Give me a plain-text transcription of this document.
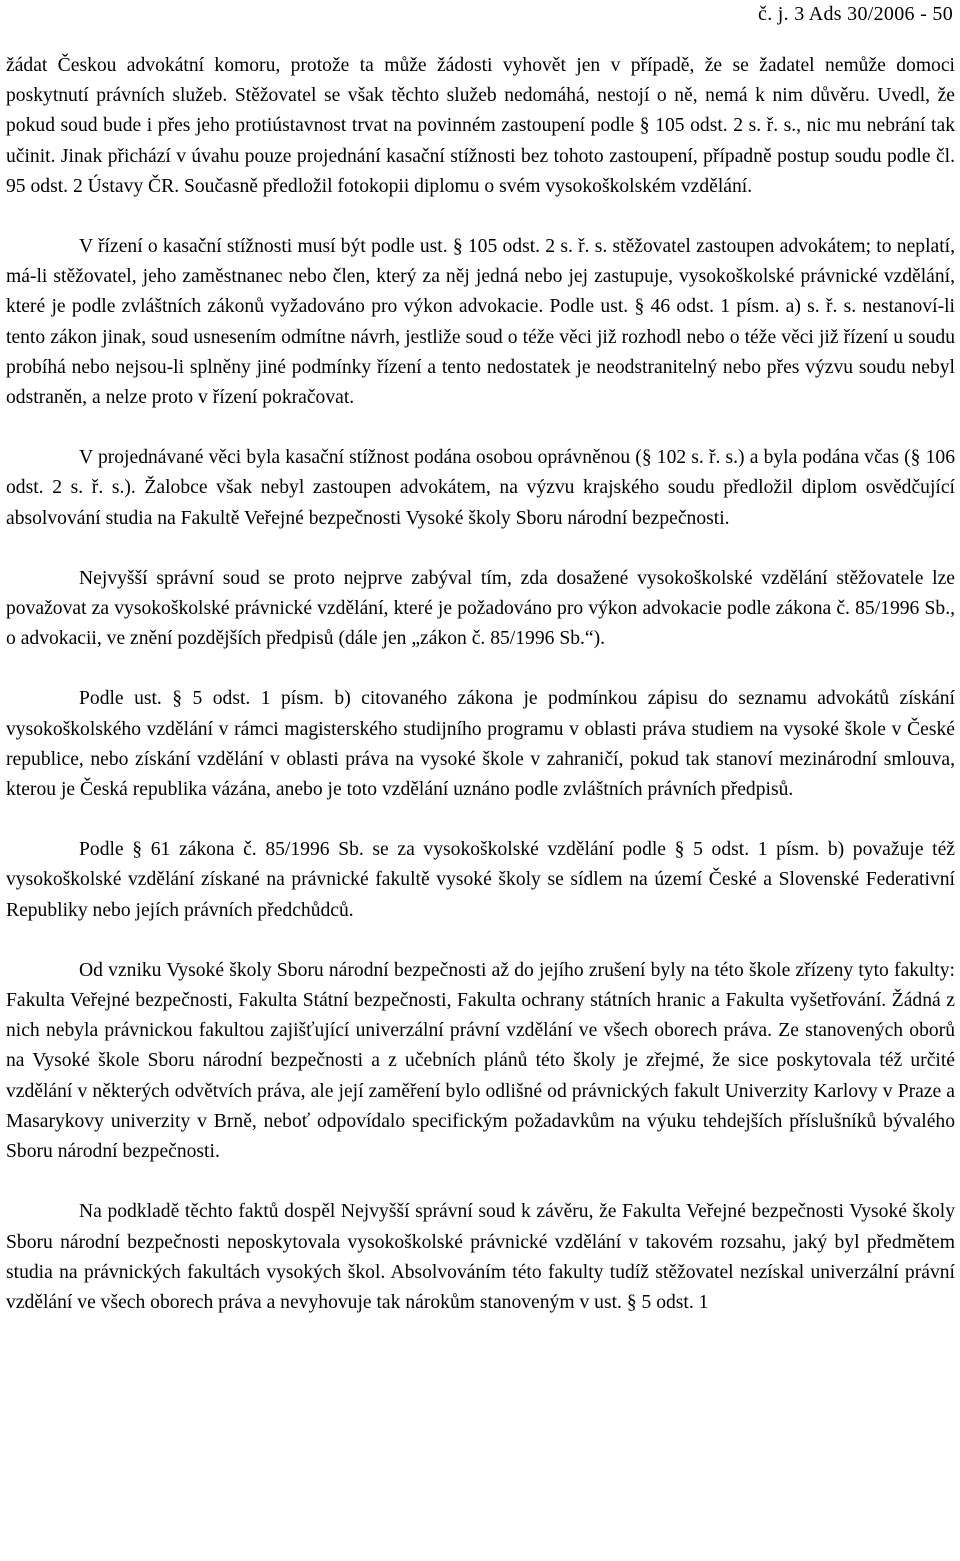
č. j. 3 Ads 30/2006 - 50

žádat Českou advokátní komoru, protože ta může žádosti vyhovět jen v případě, že se žadatel nemůže domoci poskytnutí právních služeb. Stěžovatel se však těchto služeb nedomáhá, nestojí o ně, nemá k nim důvěru. Uvedl, že pokud soud bude i přes jeho protiústavnost trvat na povinném zastoupení podle § 105 odst. 2 s. ř. s., nic mu nebrání tak učinit. Jinak přichází v úvahu pouze projednání kasační stížnosti bez tohoto zastoupení, případně postup soudu podle čl. 95 odst. 2 Ústavy ČR. Současně předložil fotokopii diplomu o svém vysokoškolském vzdělání.

V řízení o kasační stížnosti musí být podle ust. § 105 odst. 2 s. ř. s. stěžovatel zastoupen advokátem; to neplatí, má-li stěžovatel, jeho zaměstnanec nebo člen, který za něj jedná nebo jej zastupuje, vysokoškolské právnické vzdělání, které je podle zvláštních zákonů vyžadováno pro výkon advokacie. Podle ust. § 46 odst. 1 písm. a) s. ř. s. nestanoví-li tento zákon jinak, soud usnesením odmítne návrh, jestliže soud o téže věci již rozhodl nebo o téže věci již řízení u soudu probíhá nebo nejsou-li splněny jiné podmínky řízení a tento nedostatek je neodstranitelný nebo přes výzvu soudu nebyl odstraněn, a nelze proto v řízení pokračovat.

V projednávané věci byla kasační stížnost podána osobou oprávněnou (§ 102 s. ř. s.) a byla podána včas (§ 106 odst. 2 s. ř. s.). Žalobce však nebyl zastoupen advokátem, na výzvu krajského soudu předložil diplom osvědčující absolvování studia na Fakultě Veřejné bezpečnosti Vysoké školy Sboru národní bezpečnosti.

Nejvyšší správní soud se proto nejprve zabýval tím, zda dosažené vysokoškolské vzdělání stěžovatele lze považovat za vysokoškolské právnické vzdělání, které je požadováno pro výkon advokacie podle zákona č. 85/1996 Sb., o advokacii, ve znění pozdějších předpisů (dále jen „zákon č. 85/1996 Sb.“).

Podle ust. § 5 odst. 1 písm. b) citovaného zákona je podmínkou zápisu do seznamu advokátů získání vysokoškolského vzdělání v rámci magisterského studijního programu v oblasti práva studiem na vysoké škole v České republice, nebo získání vzdělání v oblasti práva na vysoké škole v zahraničí, pokud tak stanoví mezinárodní smlouva, kterou je Česká republika vázána, anebo je toto vzdělání uznáno podle zvláštních právních předpisů.

Podle § 61 zákona č. 85/1996 Sb. se za vysokoškolské vzdělání podle § 5 odst. 1 písm. b) považuje též vysokoškolské vzdělání získané na právnické fakultě vysoké školy se sídlem na území České a Slovenské Federativní Republiky nebo jejích právních předchůdců.

Od vzniku Vysoké školy Sboru národní bezpečnosti až do jejího zrušení byly na této škole zřízeny tyto fakulty: Fakulta Veřejné bezpečnosti, Fakulta Státní bezpečnosti, Fakulta ochrany státních hranic a Fakulta vyšetřování. Žádná z nich nebyla právnickou fakultou zajišťující univerzální právní vzdělání ve všech oborech práva. Ze stanovených oborů na Vysoké škole Sboru národní bezpečnosti a z učebních plánů této školy je zřejmé, že sice poskytovala též určité vzdělání v některých odvětvích práva, ale její zaměření bylo odlišné od právnických fakult Univerzity Karlovy v Praze a Masarykovy univerzity v Brně, neboť odpovídalo specifickým požadavkům na výuku tehdejších příslušníků bývalého Sboru národní bezpečnosti.

Na podkladě těchto faktů dospěl Nejvyšší správní soud k závěru, že Fakulta Veřejné bezpečnosti Vysoké školy Sboru národní bezpečnosti neposkytovala vysokoškolské právnické vzdělání v takovém rozsahu, jaký byl předmětem studia na právnických fakultách vysokých škol. Absolvováním této fakulty tudíž stěžovatel nezískal univerzální právní vzdělání ve všech oborech práva a nevyhovuje tak nárokům stanoveným v ust. § 5 odst. 1
